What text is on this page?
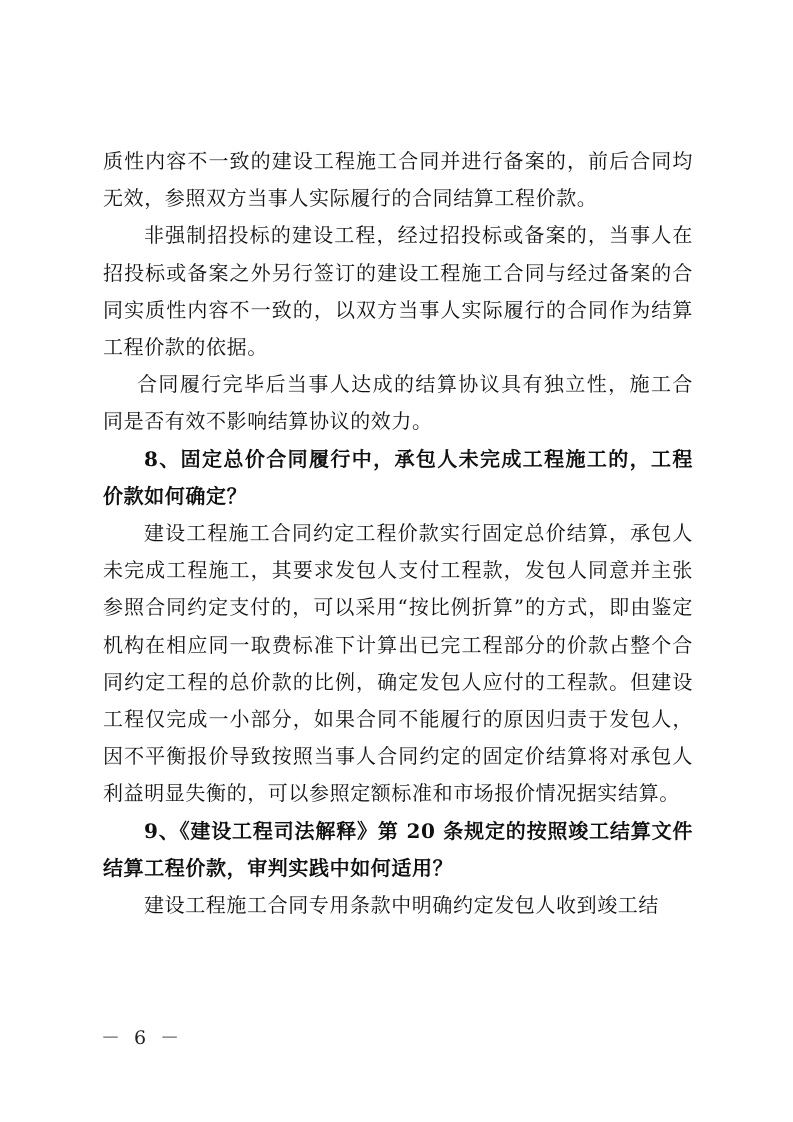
质性内容不一致的建设工程施工合同并进行备案的，前后合同均无效，参照双方当事人实际履行的合同结算工程价款。

非强制招投标的建设工程，经过招投标或备案的，当事人在招投标或备案之外另行签订的建设工程施工合同与经过备案的合同实质性内容不一致的，以双方当事人实际履行的合同作为结算工程价款的依据。

合同履行完毕后当事人达成的结算协议具有独立性，施工合同是否有效不影响结算协议的效力。

8、固定总价合同履行中，承包人未完成工程施工的，工程价款如何确定？

建设工程施工合同约定工程价款实行固定总价结算，承包人未完成工程施工，其要求发包人支付工程款，发包人同意并主张参照合同约定支付的，可以采用“按比例折算”的方式，即由鉴定机构在相应同一取费标准下计算出已完工程部分的价款占整个合同约定工程的总价款的比例，确定发包人应付的工程款。但建设工程仅完成一小部分，如果合同不能履行的原因归责于发包人，因不平衡报价导致按照当事人合同约定的固定价结算将对承包人利益明显失衡的，可以参照定额标准和市场报价情况据实结算。

9、《建设工程司法解释》第 20 条规定的按照竣工结算文件结算工程价款，审判实践中如何适用？

建设工程施工合同专用条款中明确约定发包人收到竣工结

－ 6 －
